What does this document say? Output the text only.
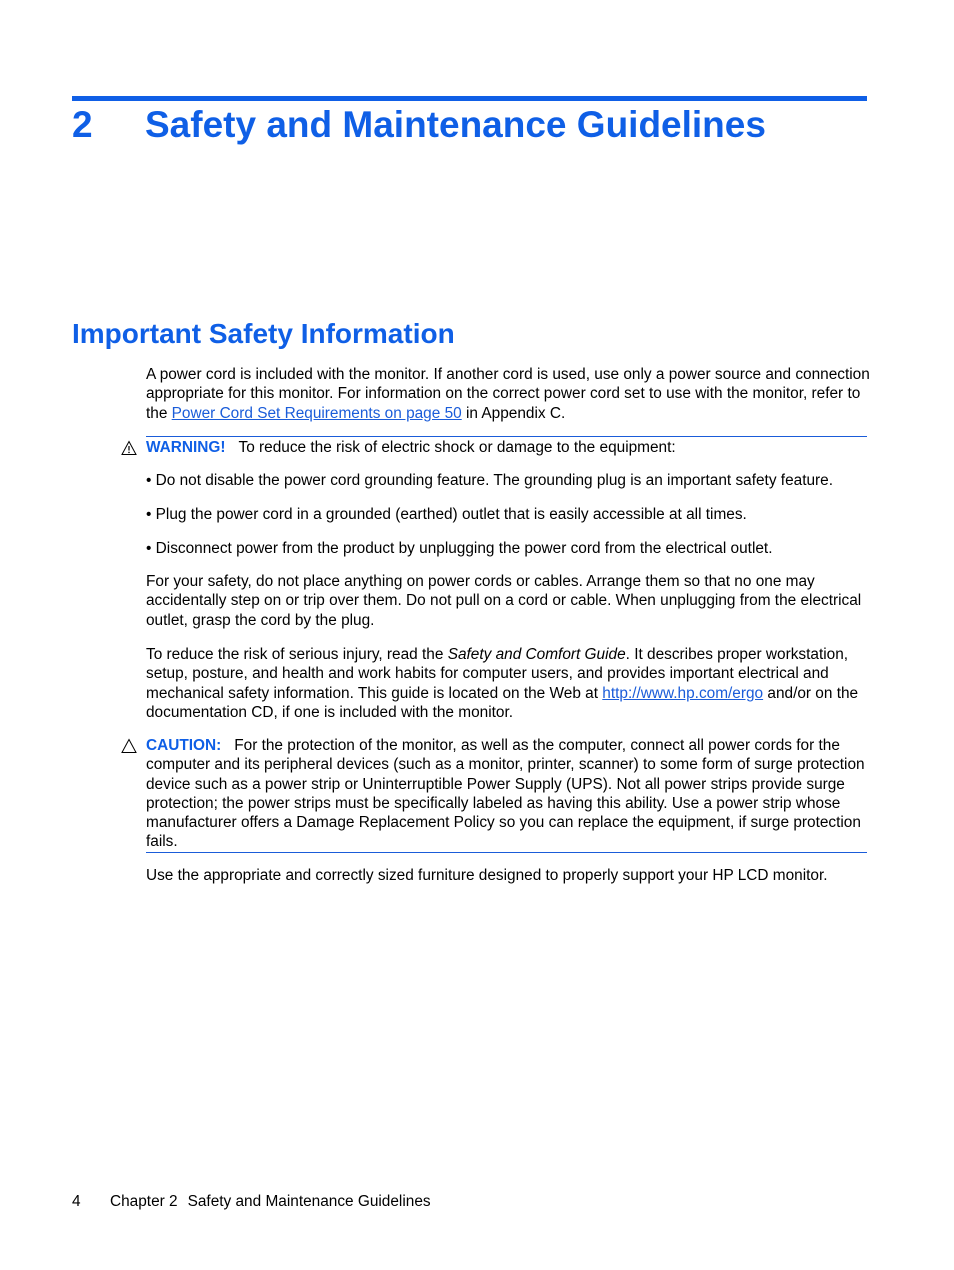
2 Safety and Maintenance Guidelines
Important Safety Information

A power cord is included with the monitor. If another cord is used, use only a power source and connection appropriate for this monitor. For information on the correct power cord set to use with the monitor, refer to the Power Cord Set Requirements on page 50 in Appendix C.

WARNING! To reduce the risk of electric shock or damage to the equipment:

• Do not disable the power cord grounding feature. The grounding plug is an important safety feature.

• Plug the power cord in a grounded (earthed) outlet that is easily accessible at all times.

• Disconnect power from the product by unplugging the power cord from the electrical outlet.

For your safety, do not place anything on power cords or cables. Arrange them so that no one may accidentally step on or trip over them. Do not pull on a cord or cable. When unplugging from the electrical outlet, grasp the cord by the plug.

To reduce the risk of serious injury, read the Safety and Comfort Guide. It describes proper workstation, setup, posture, and health and work habits for computer users, and provides important electrical and mechanical safety information. This guide is located on the Web at http://www.hp.com/ergo and/or on the documentation CD, if one is included with the monitor.

CAUTION: For the protection of the monitor, as well as the computer, connect all power cords for the computer and its peripheral devices (such as a monitor, printer, scanner) to some form of surge protection device such as a power strip or Uninterruptible Power Supply (UPS). Not all power strips provide surge protection; the power strips must be specifically labeled as having this ability. Use a power strip whose manufacturer offers a Damage Replacement Policy so you can replace the equipment, if surge protection fails.

Use the appropriate and correctly sized furniture designed to properly support your HP LCD monitor.

4 Chapter 2 Safety and Maintenance Guidelines
